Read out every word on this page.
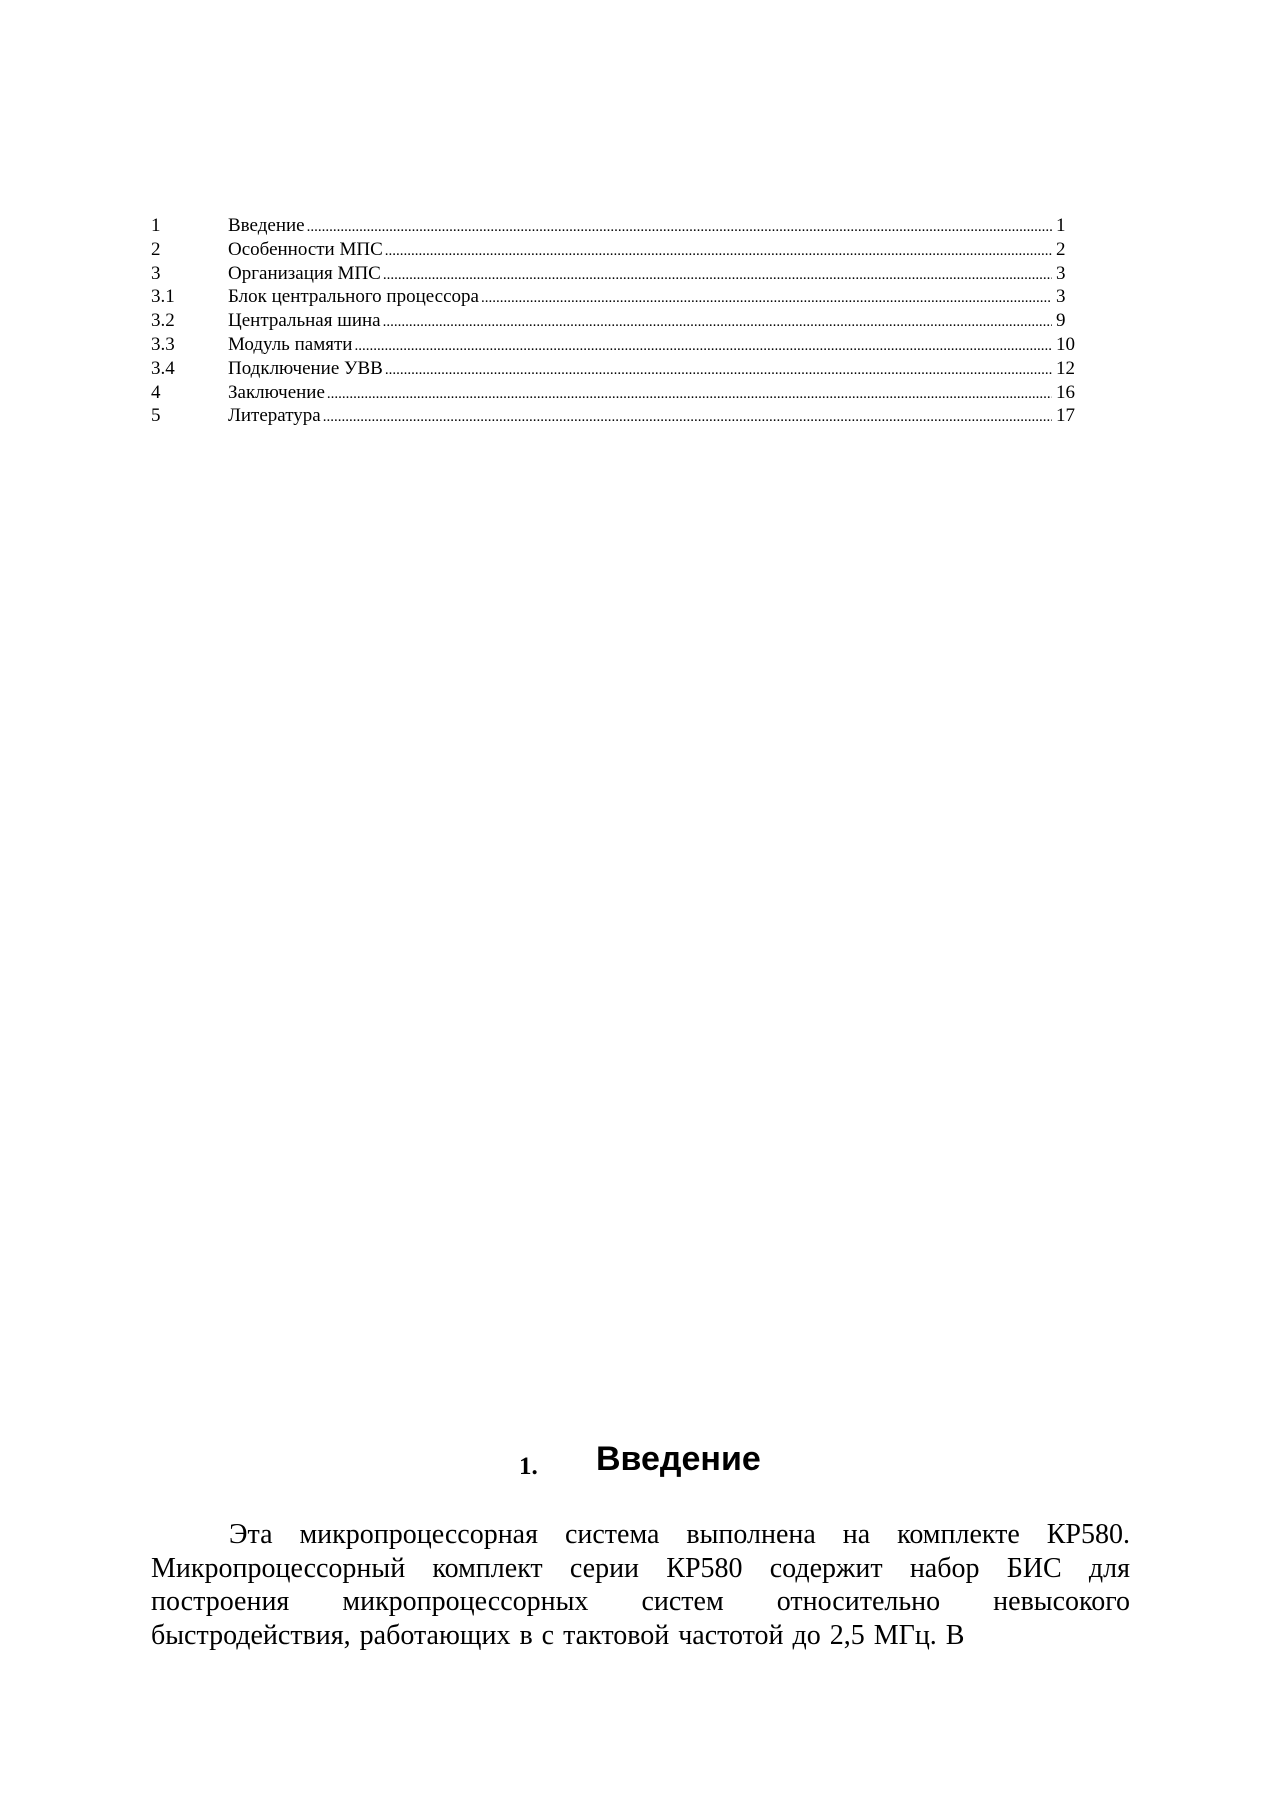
1	Введение .....	1
2	Особенности МПС .....	2
3	Организация МПС .....	3
3.1	Блок центрального процессора .....	3
3.2	Центральная шина .....	9
3.3	Модуль памяти .....	10
3.4	Подключение УВВ .....	12
4	Заключение .....	16
5	Литература .....	17
1. Введение

Эта микропроцессорная система выполнена на комплекте КР580. Микропроцессорный комплект серии КР580 содержит набор БИС для построения микропроцессорных систем относительно невысокого быстродействия, работающих в с тактовой частотой до 2,5 МГц. В
